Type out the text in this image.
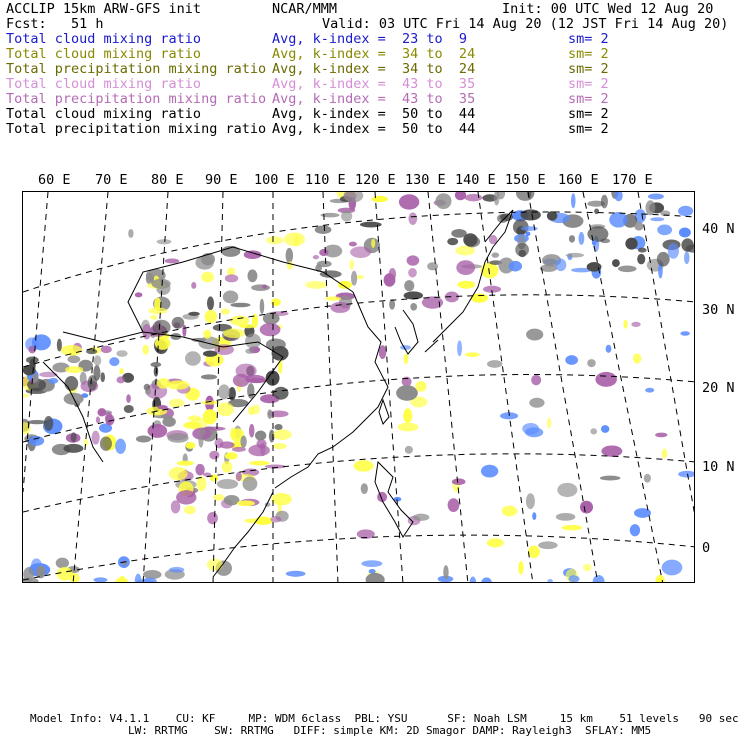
ACCLIP 15km ARW-GFS init	NCAR/MMM	Init: 00 UTC Wed 12 Aug 20
Fcst:   51 h	Valid: 03 UTC Fri 14 Aug 20 (12 JST Fri 14 Aug 20)
Total cloud mixing ratio	Avg, k-index =  23 to  9	sm= 2
Total cloud mixing ratio	Avg, k-index =  34 to  24	sm= 2
Total precipitation mixing ratio Avg, k-index =  34 to  24	sm= 2
Total cloud mixing ratio	Avg, k-index =  43 to  35	sm= 2
Total precipitation mixing ratio Avg, k-index =  43 to  35	sm= 2
Total cloud mixing ratio	Avg, k-index =  50 to  44	sm= 2
Total precipitation mixing ratio Avg, k-index =  50 to  44	sm= 2
60 E 70 E 80 E 90 E 100 E 110 E 120 E 130 E 140 E 150 E 160 E 170 E
40 N
30 N
20 N
10 N
0
Model Info: V4.1.1    CU: KF     MP: WDM 6class  PBL: YSU      SF: Noah LSM     15 km    51 levels   90 sec
LW: RRTMG    SW: RRTMG   DIFF: simple KM: 2D Smagor DAMP: Rayleigh3  SFLAY: MM5
